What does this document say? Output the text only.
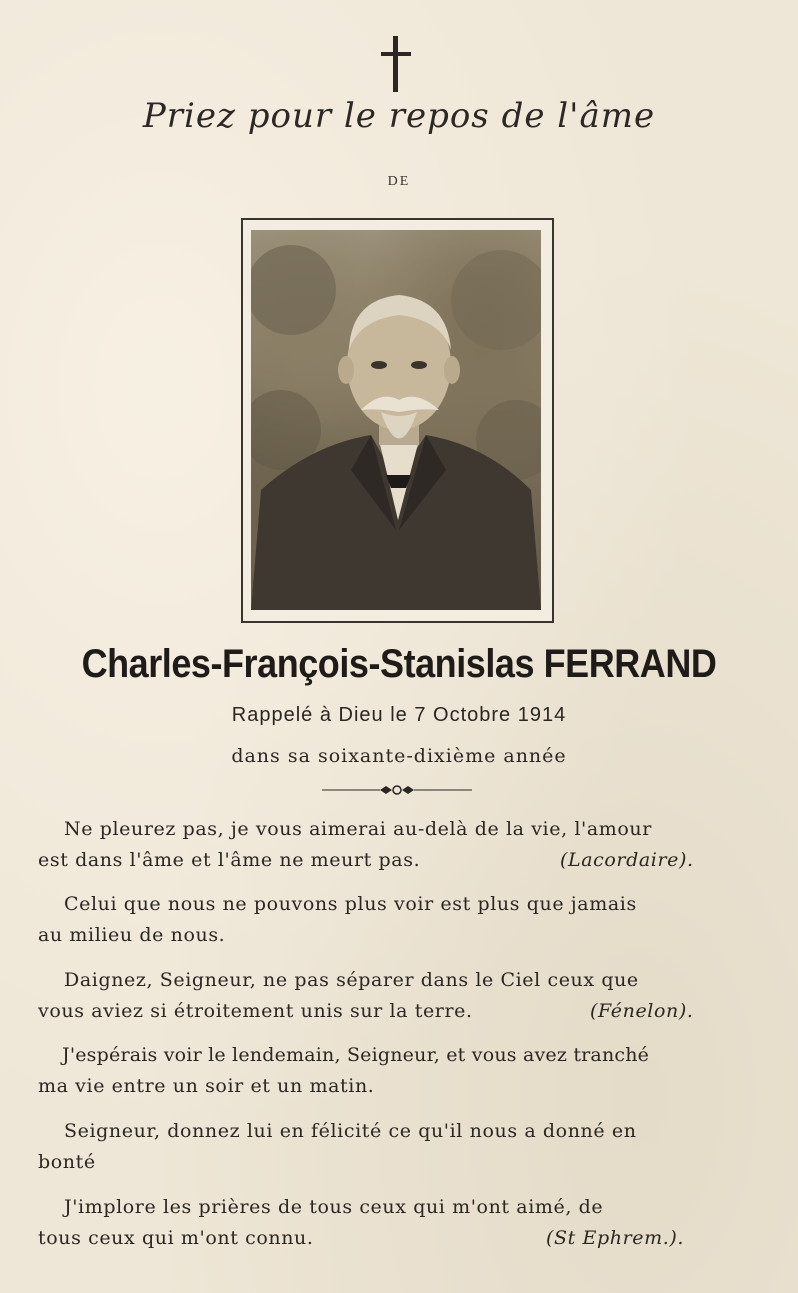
Priez pour le repos de l'âme
DE
Charles-François-Stanislas FERRAND
Rappelé à Dieu le 7 Octobre 1914
dans sa soixante-dixième année
Ne pleurez pas, je vous aimerai au-delà de la vie, l'amour
est dans l'âme et l'âme ne meurt pas.	(Lacordaire).
Celui que nous ne pouvons plus voir est plus que jamais
au milieu de nous.
Daignez, Seigneur, ne pas séparer dans le Ciel ceux que
vous aviez si étroitement unis sur la terre.	(Fénelon).
J'espérais voir le lendemain, Seigneur, et vous avez tranché
ma vie entre un soir et un matin.
Seigneur, donnez lui en félicité ce qu'il nous a donné en
bonté
J'implore les prières de tous ceux qui m'ont aimé, de
tous ceux qui m'ont connu.	(St Ephrem.).
